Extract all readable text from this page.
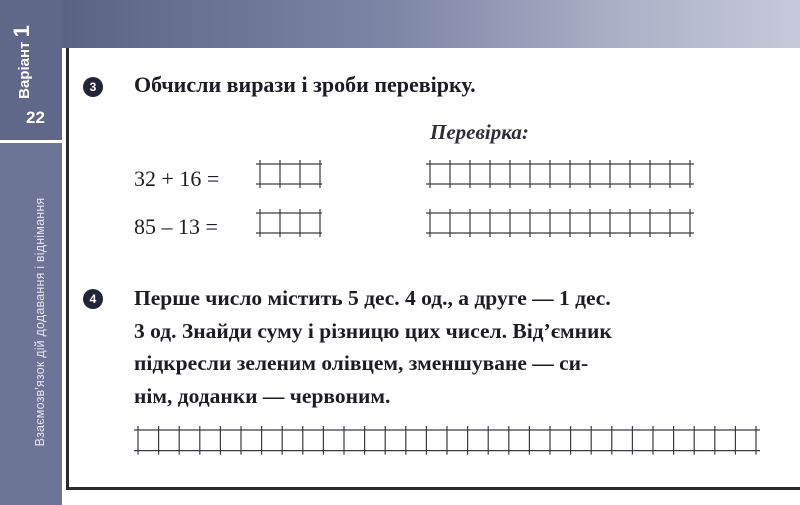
Варіант 1
22
Взаємозв'язок дій додавання і віднімання
3	Обчисли вирази і зроби перевірку.
Перевірка:
32 + 16 =
85 – 13 =
4	Перше число містить 5 дес. 4 од., а друге — 1 дес.
3 од. Знайди суму і різницю цих чисел. Від’ємник
підкресли зеленим олівцем, зменшуване — си-
нім, доданки — червоним.
